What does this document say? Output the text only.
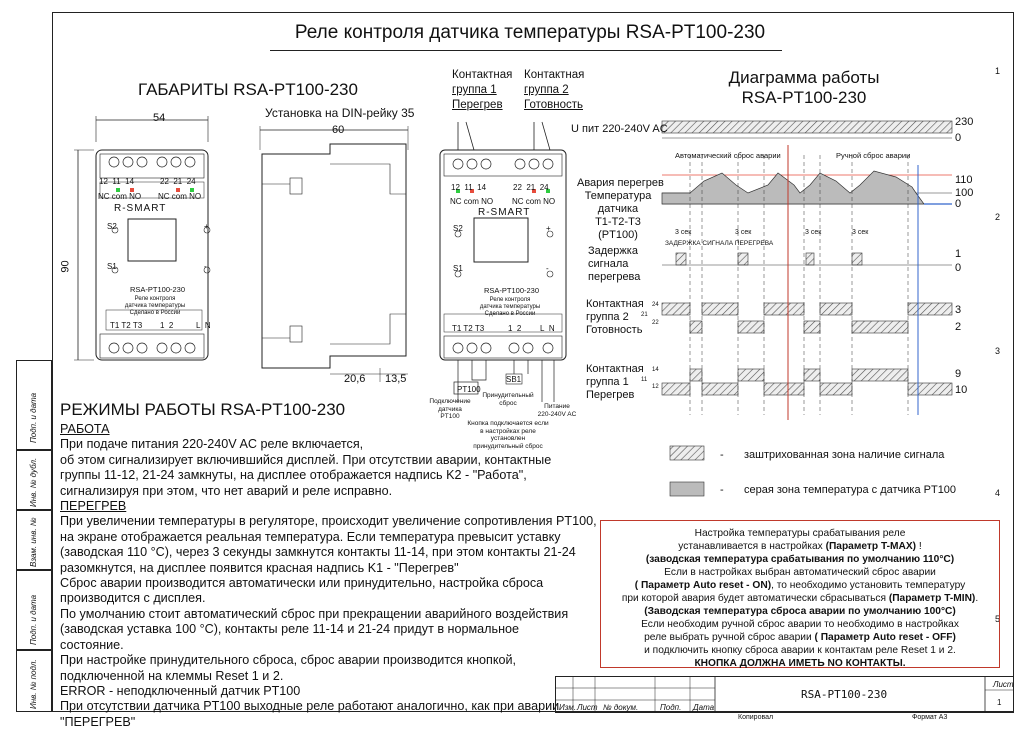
Подп. и дата
Инв. № дубл.
Взам. инв. №
Подп. и дата
Инв. № подл.
1
2
3
4
5
Реле контроля датчика температуры RSA-PT100-230
ГАБАРИТЫ RSA-PT100-230
Установка на DIN-рейку 35
54
90
12 11 14	22 21 24
NC com NO NC com NO
R-SMART
S2
S1
+
-
RSA-PT100-230
Реле контроля
датчика температуры
Сделано в России
T1 T2 T3 1 2	L N
60
20,6 13,5
Контактная
группа 1
Перегрев
Контактная
группа 2
Готовность
R-SMART
12 11 14	22 21 24
NC com NO NC com NO
S2
S1
+
-
RSA-PT100-230
Реле контроля
датчика температуры
Сделано в России
T1 T2 T3	1 2 L N
PT100
SB1
Подключение
датчика
PT100
Принудительный
сброс	Питание
220-240V AC
Кнопка подключается если
в настройках реле
установлен
принудительный сброс
Диаграмма работы
RSA-PT100-230
U пит 220-240V AC
230
0
Автоматический сброс аварии	Ручной сброс аварии
Авария перегрев
Температура
датчика
T1-T2-T3
(PT100)
110
100
0
3 сек	3 сек	3 сек	3 сек
ЗАДЕРЖКА СИГНАЛА ПЕРЕГРЕВА
Задержка
сигнала
перегрева
1
0
Контактная
группа 2
Готовность
24
21
22
3
2
Контактная
группа 1
Перегрев
14
11
12
9
10
- заштрихованная зона наличие сигнала
- серая зона температура с датчика PT100
РЕЖИМЫ РАБОТЫ RSA-PT100-230
РАБОТА
При подаче питания 220-240V AC реле включается,
об этом сигнализирует включившийся дисплей. При отсутствии аварии, контактные
группы 11-12, 21-24 замкнуты, на дисплее отображается надпись K2 - "Работа",
сигнализируя при этом, что нет аварий и реле исправно.
ПЕРЕГРЕВ
При увеличении температуры в регуляторе, происходит увеличение сопротивления PT100,
на экране отображается реальная температура. Если температура превысит уставку
(заводская 110 °C), через 3 секунды замкнутся контакты 11-14, при этом контакты 21-24
разомкнутся, на дисплее появится красная надпись K1 - "Перегрев"
Сброс аварии производится автоматически или принудительно, настройка сброса
производится с дисплея.
По умолчанию стоит автоматический сброс при прекращении аварийного воздействия
(заводская уставка 100 °C), контакты реле 11-14 и 21-24 придут в нормальное
состояние.
При настройке принудительного сброса, сброс аварии производится кнопкой,
подключенной на клеммы Reset 1 и 2.
ERROR - неподключенный датчик PT100
При отсутствии датчика PT100 выходные реле работают аналогично, как при аварии
"ПЕРЕГРЕВ"
Настройка температуры срабатывания реле
устанавливается в настройках (Параметр T-MAX) !
(заводская температура срабатывания по умолчанию 110°C)
Если в настройках выбран автоматический сброс аварии
( Параметр Auto reset - ON), то необходимо установить температуру
при которой авария будет автоматически сбрасываться (Параметр T-MIN).
(Заводская температура сброса аварии по умолчанию 100°C)
Если необходим ручной сброс аварии то необходимо в настройках
реле выбрать ручной сброс аварии ( Параметр Auto reset - OFF)
и подключить кнопку сброса аварии к контактам реле Reset 1 и 2.
КНОПКА ДОЛЖНА ИМЕТЬ NO КОНТАКТЫ.
Изм. Лист № докум.	Подп. Дата
RSA-PT100-230
Лист
1
Копировал	Формат А3
